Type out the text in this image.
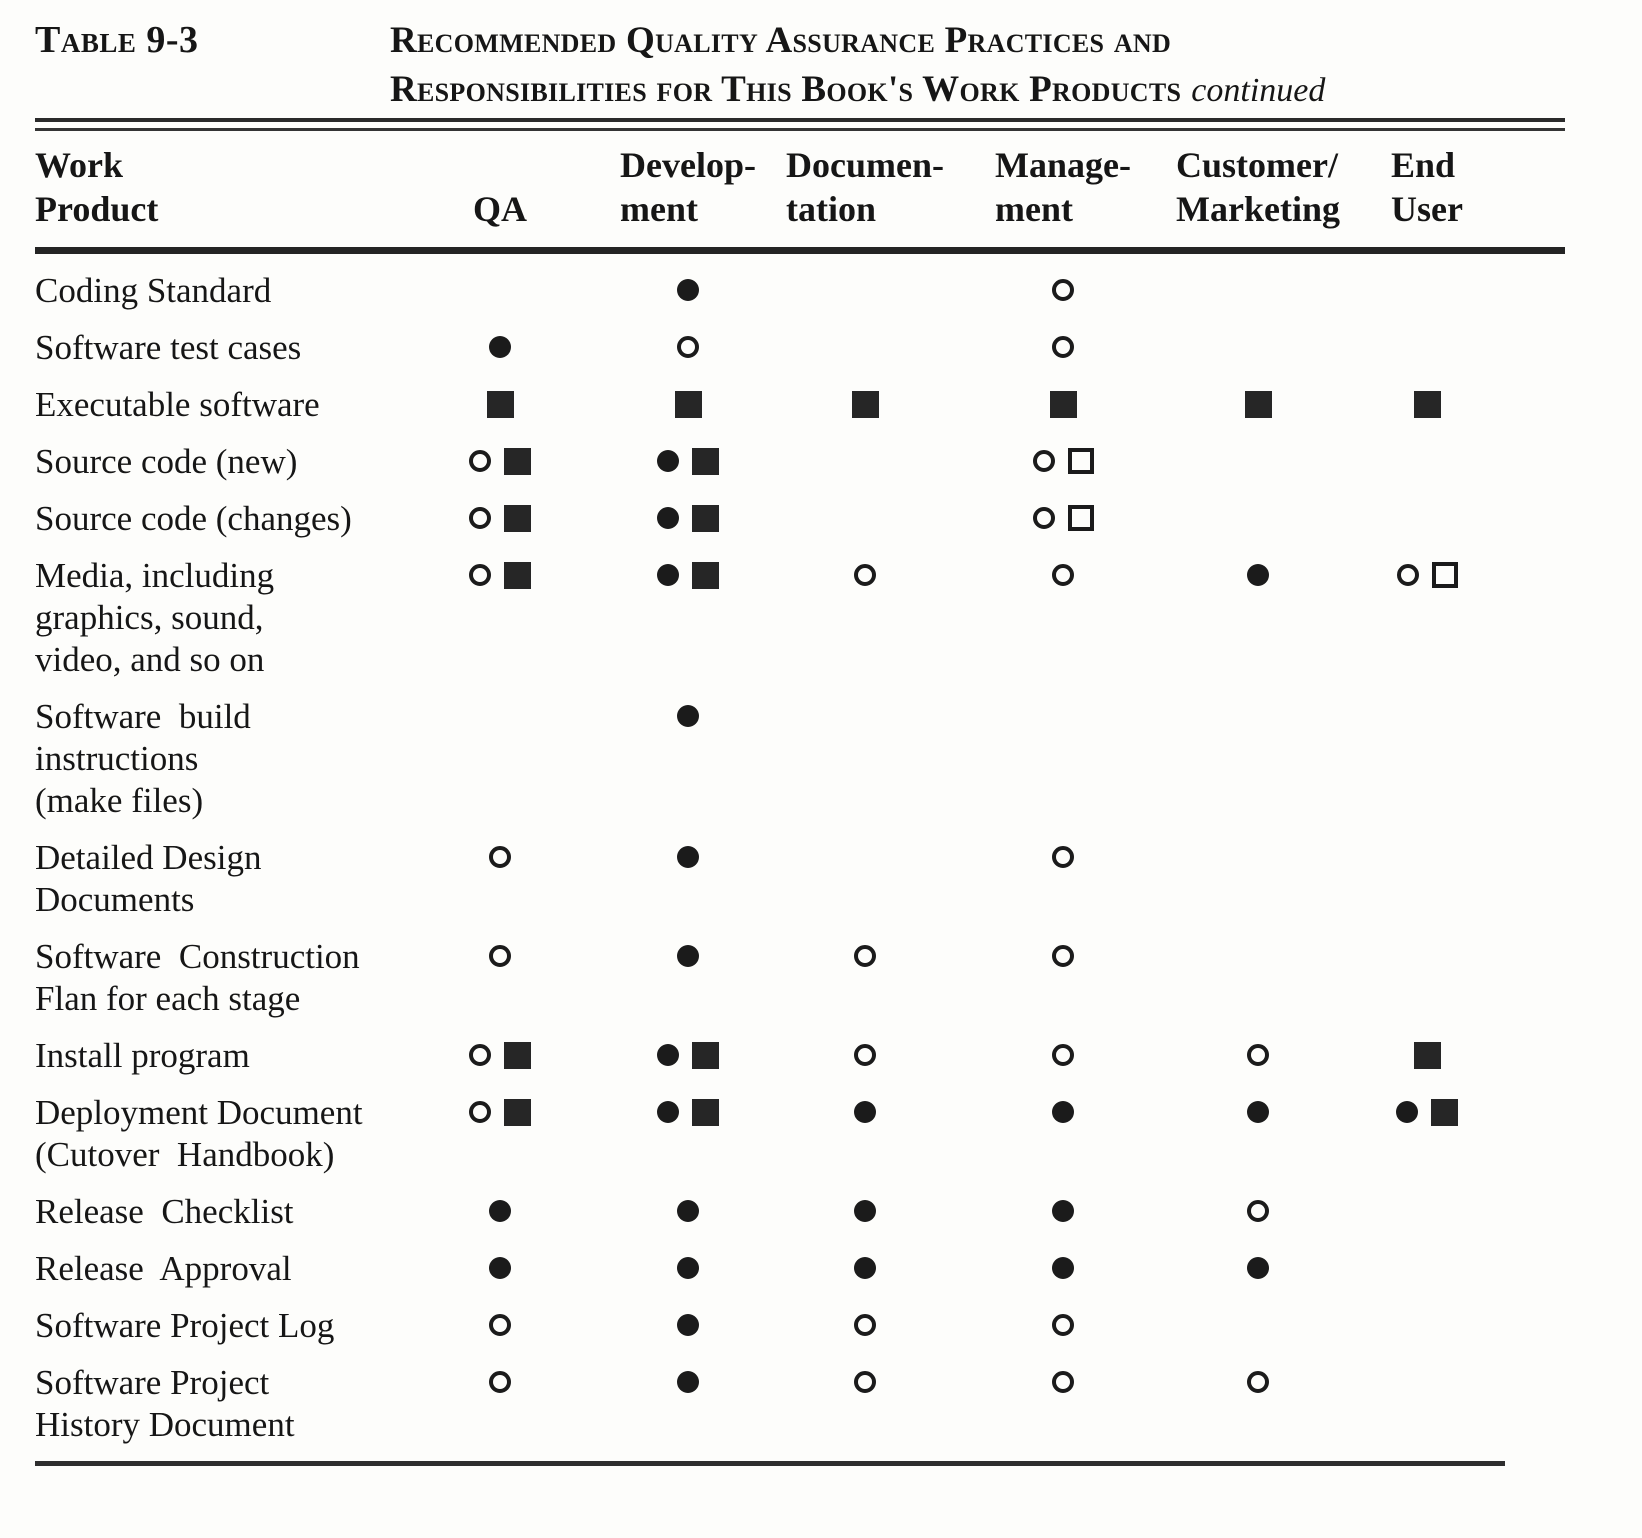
Table 9-3	Recommended Quality Assurance Practices and
Responsibilities for This Book's Work Products continued
Work
Product	QA
Develop-
ment
Documen-
tation
Manage-
ment
Customer/
Marketing
End
User
Coding Standard
Software test cases
Executable software
Source code (new)
Source code (changes)
Media, including
graphics, sound,
video, and so on
Software  build
instructions
(make files)
Detailed Design
Documents
Software  Construction
Flan for each stage
Install program
Deployment Document
(Cutover  Handbook)
Release  Checklist
Release  Approval
Software Project Log
Software Project
History Document
